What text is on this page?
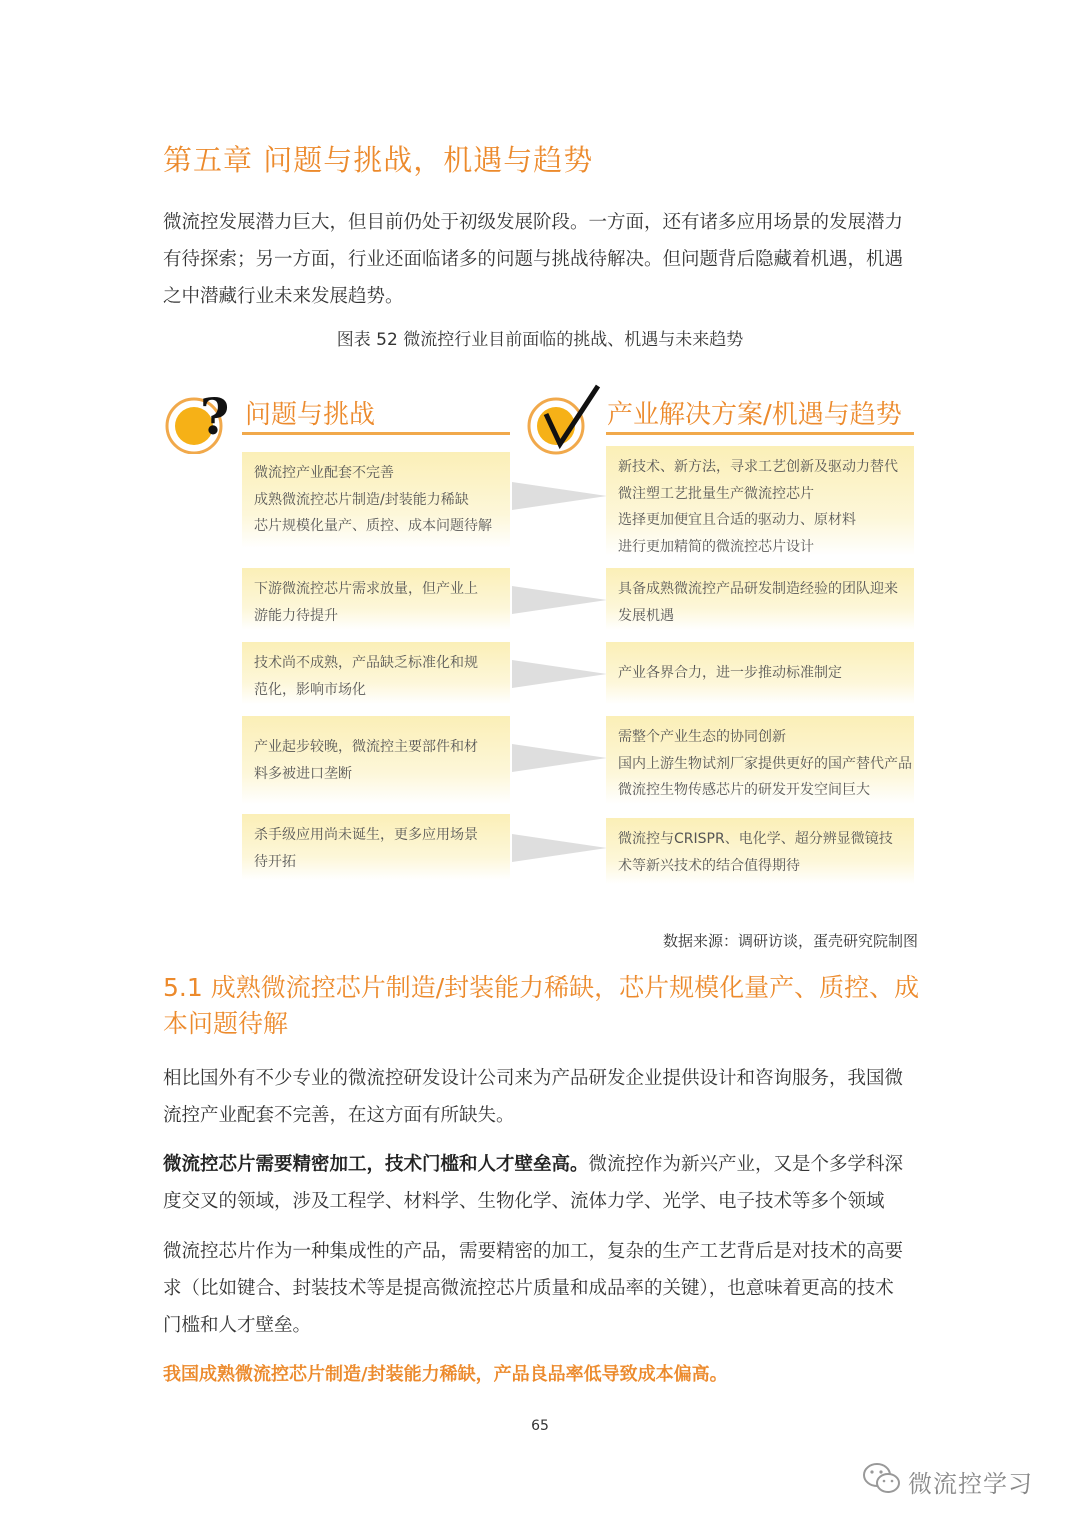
第五章 问题与挑战，机遇与趋势
微流控发展潜力巨大，但目前仍处于初级发展阶段。一方面，还有诸多应用场景的发展潜力
有待探索；另一方面，行业还面临诸多的问题与挑战待解决。但问题背后隐藏着机遇，机遇
之中潜藏行业未来发展趋势。
图表 52 微流控行业目前面临的挑战、机遇与未来趋势
? 问题与挑战	产业解决方案/机遇与趋势
微流控产业配套不完善
成熟微流控芯片制造/封装能力稀缺
芯片规模化量产、质控、成本问题待解
新技术、新方法，寻求工艺创新及驱动力替代
微注塑工艺批量生产微流控芯片
选择更加便宜且合适的驱动力、原材料
进行更加精简的微流控芯片设计
下游微流控芯片需求放量，但产业上
游能力待提升
具备成熟微流控产品研发制造经验的团队迎来
发展机遇
技术尚不成熟，产品缺乏标准化和规
范化，影响市场化
产业各界合力，进一步推动标准制定
产业起步较晚，微流控主要部件和材
料多被进口垄断
需整个产业生态的协同创新
国内上游生物试剂厂家提供更好的国产替代产品
微流控生物传感芯片的研发开发空间巨大
杀手级应用尚未诞生，更多应用场景
待开拓
微流控与CRISPR、电化学、超分辨显微镜技
术等新兴技术的结合值得期待
数据来源：调研访谈，蛋壳研究院制图
5.1 成熟微流控芯片制造/封装能力稀缺，芯片规模化量产、质控、成本问题待解
相比国外有不少专业的微流控研发设计公司来为产品研发企业提供设计和咨询服务，我国微
流控产业配套不完善，在这方面有所缺失。
微流控芯片需要精密加工，技术门槛和人才壁垒高。微流控作为新兴产业，又是个多学科深
度交叉的领域，涉及工程学、材料学、生物化学、流体力学、光学、电子技术等多个领域
微流控芯片作为一种集成性的产品，需要精密的加工，复杂的生产工艺背后是对技术的高要
求（比如键合、封装技术等是提高微流控芯片质量和成品率的关键），也意味着更高的技术
门槛和人才壁垒。
我国成熟微流控芯片制造/封装能力稀缺，产品良品率低导致成本偏高。
65
微流控学习
